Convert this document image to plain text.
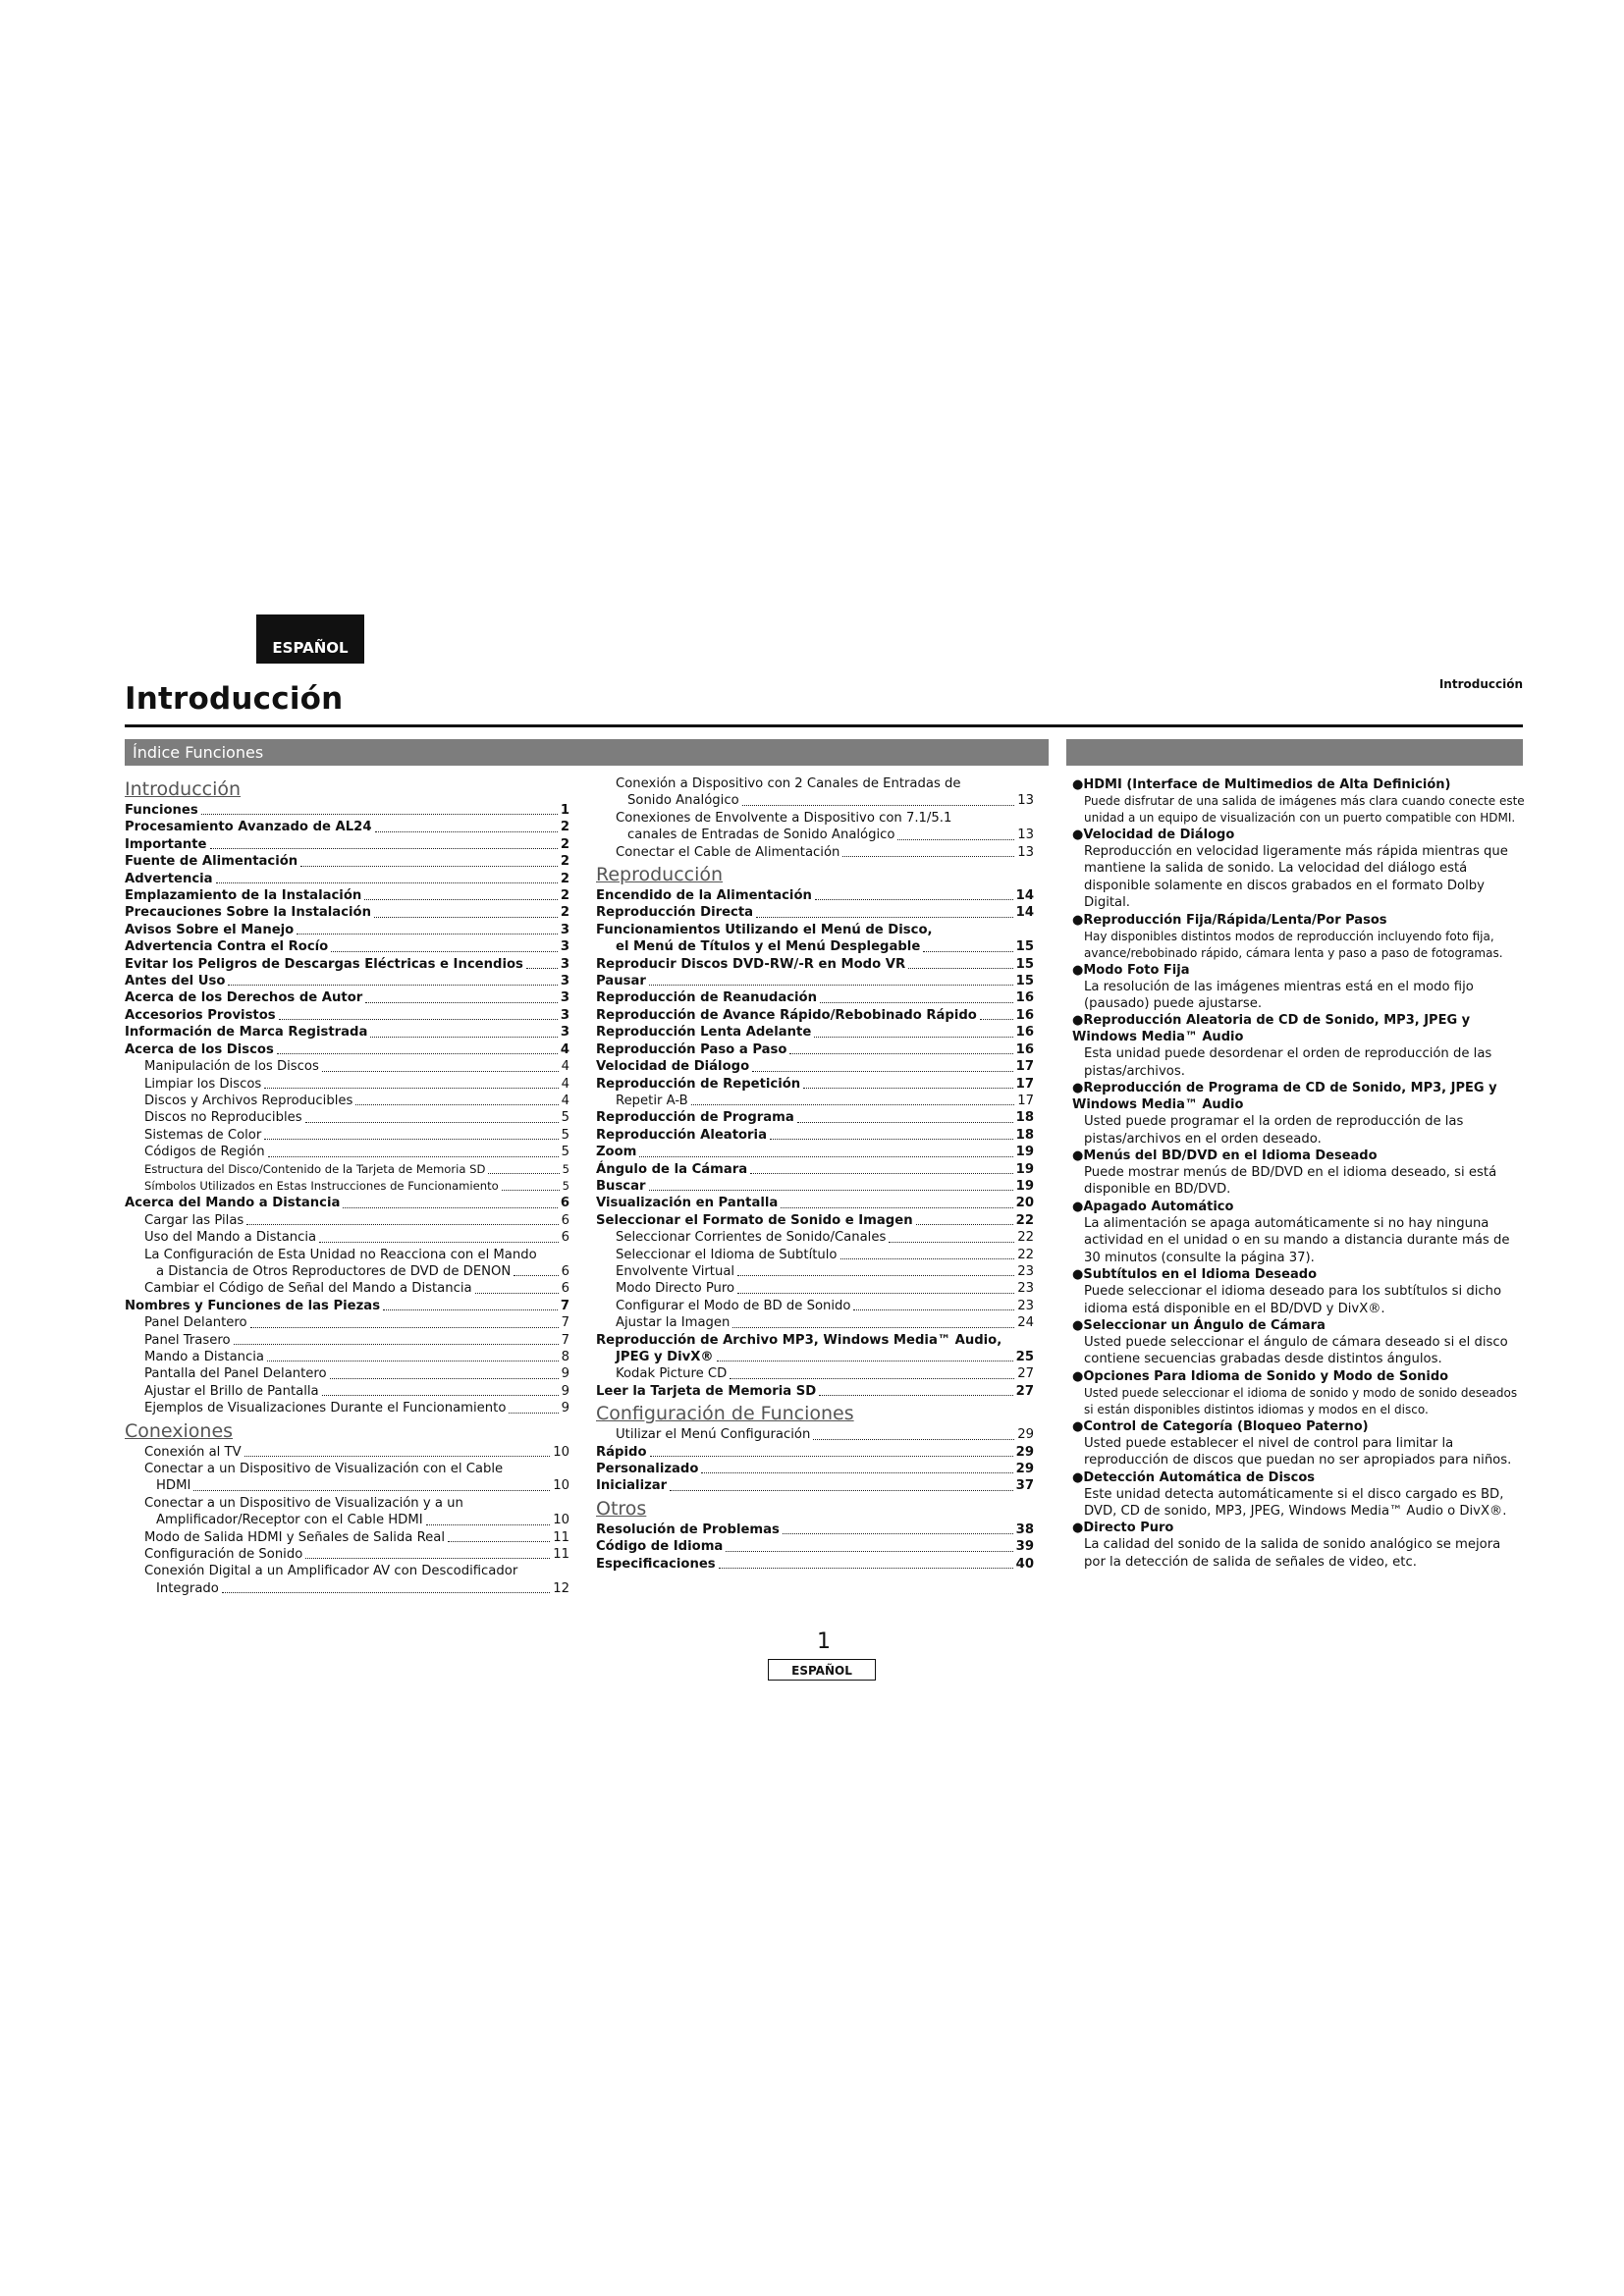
ESPAÑOL
Introducción	Introducción
Índice Funciones
Introducción
Funciones	1
Procesamiento Avanzado de AL24	2
Importante	2
Fuente de Alimentación	2
Advertencia	2
Emplazamiento de la Instalación	2
Precauciones Sobre la Instalación	2
Avisos Sobre el Manejo	3
Advertencia Contra el Rocío	3
Evitar los Peligros de Descargas Eléctricas e Incendios	3
Antes del Uso	3
Acerca de los Derechos de Autor	3
Accesorios Provistos	3
Información de Marca Registrada	3
Acerca de los Discos	4
Manipulación de los Discos	4
Limpiar los Discos	4
Discos y Archivos Reproducibles	4
Discos no Reproducibles	5
Sistemas de Color	5
Códigos de Región	5
Estructura del Disco/Contenido de la Tarjeta de Memoria SD	5
Símbolos Utilizados en Estas Instrucciones de Funcionamiento	5
Acerca del Mando a Distancia	6
Cargar las Pilas	6
Uso del Mando a Distancia	6
La Configuración de Esta Unidad no Reacciona con el Mando
a Distancia de Otros Reproductores de DVD de DENON	6
Cambiar el Código de Señal del Mando a Distancia	6
Nombres y Funciones de las Piezas	7
Panel Delantero	7
Panel Trasero	7
Mando a Distancia	8
Pantalla del Panel Delantero	9
Ajustar el Brillo de Pantalla	9
Ejemplos de Visualizaciones Durante el Funcionamiento	9
Conexiones
Conexión al TV	10
Conectar a un Dispositivo de Visualización con el Cable
HDMI	10
Conectar a un Dispositivo de Visualización y a un
Amplificador/Receptor con el Cable HDMI	10
Modo de Salida HDMI y Señales de Salida Real	11
Configuración de Sonido	11
Conexión Digital a un Amplificador AV con Descodificador
Integrado	12
Conexión a Dispositivo con 2 Canales de Entradas de
Sonido Analógico	13
Conexiones de Envolvente a Dispositivo con 7.1/5.1
canales de Entradas de Sonido Analógico	13
Conectar el Cable de Alimentación	13
Reproducción
Encendido de la Alimentación	14
Reproducción Directa	14
Funcionamientos Utilizando el Menú de Disco,
el Menú de Títulos y el Menú Desplegable	15
Reproducir Discos DVD-RW/-R en Modo VR	15
Pausar	15
Reproducción de Reanudación	16
Reproducción de Avance Rápido/Rebobinado Rápido	16
Reproducción Lenta Adelante	16
Reproducción Paso a Paso	16
Velocidad de Diálogo	17
Reproducción de Repetición	17
Repetir A-B	17
Reproducción de Programa	18
Reproducción Aleatoria	18
Zoom	19
Ángulo de la Cámara	19
Buscar	19
Visualización en Pantalla	20
Seleccionar el Formato de Sonido e Imagen	22
Seleccionar Corrientes de Sonido/Canales	22
Seleccionar el Idioma de Subtítulo	22
Envolvente Virtual	23
Modo Directo Puro	23
Configurar el Modo de BD de Sonido	23
Ajustar la Imagen	24
Reproducción de Archivo MP3, Windows Media™ Audio,
JPEG y DivX®	25
Kodak Picture CD	27
Leer la Tarjeta de Memoria SD	27
Configuración de Funciones
Utilizar el Menú Configuración	29
Rápido	29
Personalizado	29
Inicializar	37
Otros
Resolución de Problemas	38
Código de Idioma	39
Especificaciones	40
●HDMI (Interface de Multimedios de Alta Definición)
Puede disfrutar de una salida de imágenes más clara cuando conecte este unidad a un equipo de visualización con un puerto compatible con HDMI.
●Velocidad de Diálogo
Reproducción en velocidad ligeramente más rápida mientras que mantiene la salida de sonido. La velocidad del diálogo está disponible solamente en discos grabados en el formato Dolby Digital.
●Reproducción Fija/Rápida/Lenta/Por Pasos
Hay disponibles distintos modos de reproducción incluyendo foto fija, avance/rebobinado rápido, cámara lenta y paso a paso de fotogramas.
●Modo Foto Fija
La resolución de las imágenes mientras está en el modo fijo (pausado) puede ajustarse.
●Reproducción Aleatoria de CD de Sonido, MP3, JPEG y Windows Media™ Audio
Esta unidad puede desordenar el orden de reproducción de las pistas/archivos.
●Reproducción de Programa de CD de Sonido, MP3, JPEG y Windows Media™ Audio
Usted puede programar el la orden de reproducción de las pistas/archivos en el orden deseado.
●Menús del BD/DVD en el Idioma Deseado
Puede mostrar menús de BD/DVD en el idioma deseado, si está disponible en BD/DVD.
●Apagado Automático
La alimentación se apaga automáticamente si no hay ninguna actividad en el unidad o en su mando a distancia durante más de 30 minutos (consulte la página 37).
●Subtítulos en el Idioma Deseado
Puede seleccionar el idioma deseado para los subtítulos si dicho idioma está disponible en el BD/DVD y DivX®.
●Seleccionar un Ángulo de Cámara
Usted puede seleccionar el ángulo de cámara deseado si el disco contiene secuencias grabadas desde distintos ángulos.
●Opciones Para Idioma de Sonido y Modo de Sonido
Usted puede seleccionar el idioma de sonido y modo de sonido deseados si están disponibles distintos idiomas y modos en el disco.
●Control de Categoría (Bloqueo Paterno)
Usted puede establecer el nivel de control para limitar la reproducción de discos que puedan no ser apropiados para niños.
●Detección Automática de Discos
Este unidad detecta automáticamente si el disco cargado es BD, DVD, CD de sonido, MP3, JPEG, Windows Media™ Audio o DivX®.
●Directo Puro
La calidad del sonido de la salida de sonido analógico se mejora por la detección de salida de señales de video, etc.
1
ESPAÑOL
